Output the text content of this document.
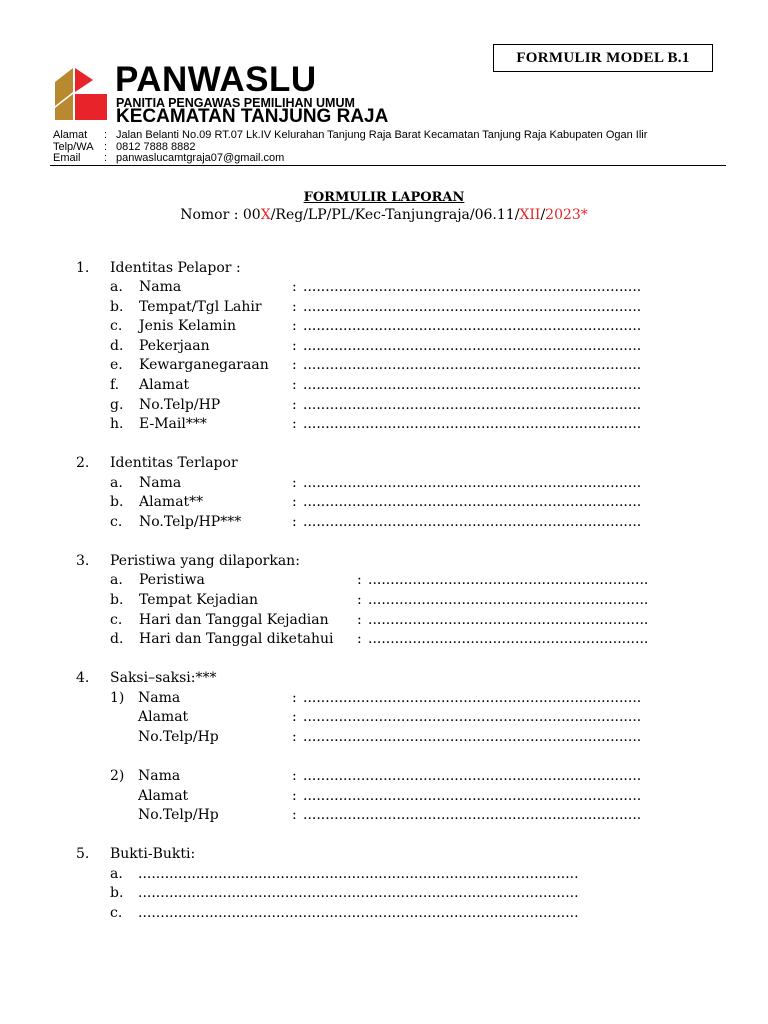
FORMULIR MODEL B.1
PANWASLU
PANITIA PENGAWAS PEMILIHAN UMUM
KECAMATAN TANJUNG RAJA
Alamat : Jalan Belanti No.09 RT.07 Lk.IV Kelurahan Tanjung Raja Barat Kecamatan Tanjung Raja Kabupaten Ogan Ilir
Telp/WA : 0812 7888 8882
Email : panwaslucamtgraja07@gmail.com
FORMULIR LAPORAN
Nomor : 00X/Reg/LP/PL/Kec-Tanjungraja/06.11/XII/2023*
1. Identitas Pelapor :
a. Nama	: ............................................................................
b. Tempat/Tgl Lahir : ............................................................................
c. Jenis Kelamin	: ............................................................................
d. Pekerjaan	: ............................................................................
e. Kewarganegaraan : ............................................................................
f. Alamat	: ............................................................................
g. No.Telp/HP	: ............................................................................
h. E-Mail***	: ............................................................................
2. Identitas Terlapor
a. Nama	: ............................................................................
b. Alamat**	: ............................................................................
c. No.Telp/HP***	: ............................................................................
3. Peristiwa yang dilaporkan:
a. Peristiwa	: ...............................................................
b. Tempat Kejadian	: ...............................................................
c. Hari dan Tanggal Kejadian : ...............................................................
d. Hari dan Tanggal diketahui : ...............................................................
4. Saksi–saksi:***
1) Nama	: ............................................................................
Alamat	: ............................................................................
No.Telp/Hp	: ............................................................................
2) Nama	: ............................................................................
Alamat	: ............................................................................
No.Telp/Hp	: ............................................................................
5. Bukti-Bukti:
a. ...................................................................................................
b. ...................................................................................................
c. ...................................................................................................
